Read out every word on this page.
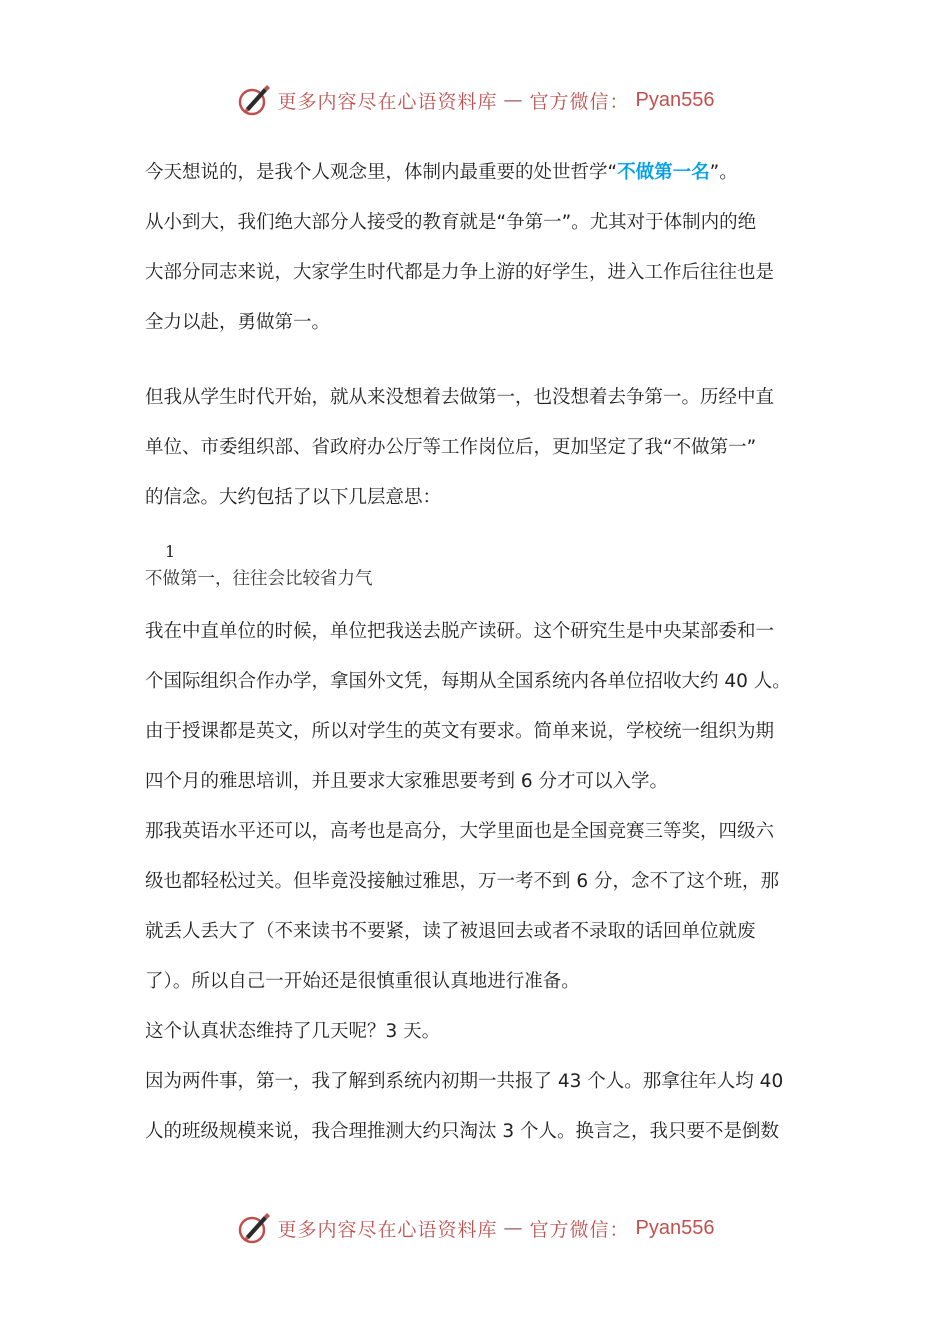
更多内容尽在心语资料库 — 官方微信： Pyan556
今天想说的，是我个人观念里，体制内最重要的处世哲学“不做第一名”。
从小到大，我们绝大部分人接受的教育就是“争第一”。尤其对于体制内的绝
大部分同志来说，大家学生时代都是力争上游的好学生，进入工作后往往也是
全力以赴，勇做第一。
但我从学生时代开始，就从来没想着去做第一，也没想着去争第一。历经中直
单位、市委组织部、省政府办公厅等工作岗位后，更加坚定了我“不做第一”
的信念。大约包括了以下几层意思：
1
不做第一，往往会比较省力气
我在中直单位的时候，单位把我送去脱产读研。这个研究生是中央某部委和一
个国际组织合作办学，拿国外文凭，每期从全国系统内各单位招收大约 40 人。
由于授课都是英文，所以对学生的英文有要求。简单来说，学校统一组织为期
四个月的雅思培训，并且要求大家雅思要考到 6 分才可以入学。
那我英语水平还可以，高考也是高分，大学里面也是全国竞赛三等奖，四级六
级也都轻松过关。但毕竟没接触过雅思，万一考不到 6 分，念不了这个班，那
就丢人丢大了（不来读书不要紧，读了被退回去或者不录取的话回单位就废
了）。所以自己一开始还是很慎重很认真地进行准备。
这个认真状态维持了几天呢？3 天。
因为两件事，第一，我了解到系统内初期一共报了 43 个人。那拿往年人均 40
人的班级规模来说，我合理推测大约只淘汰 3 个人。换言之，我只要不是倒数
更多内容尽在心语资料库 — 官方微信： Pyan556
